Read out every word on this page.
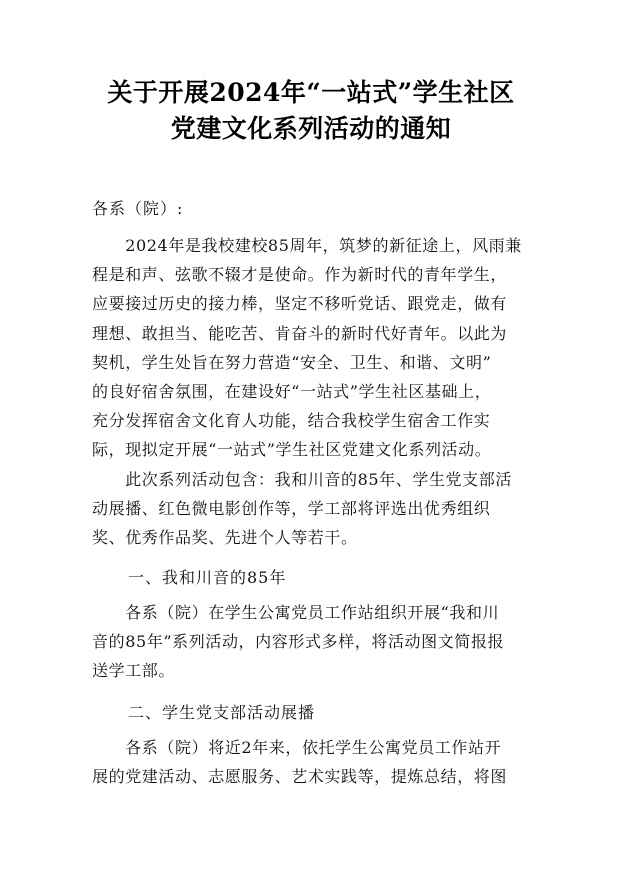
关于开展2024年“一站式”学生社区
党建文化系列活动的通知
各系（院）:
　　2024年是我校建校85周年，筑梦的新征途上，风雨兼
程是和声、弦歌不辍才是使命。作为新时代的青年学生，
应要接过历史的接力棒，坚定不移听党话、跟党走，做有
理想、敢担当、能吃苦、肯奋斗的新时代好青年。以此为
契机，学生处旨在努力营造“安全、卫生、和谐、文明”
的良好宿舍氛围，在建设好“一站式”学生社区基础上，
充分发挥宿舍文化育人功能，结合我校学生宿舍工作实
际，现拟定开展“一站式”学生社区党建文化系列活动。
　　此次系列活动包含：我和川音的85年、学生党支部活
动展播、红色微电影创作等，学工部将评选出优秀组织
奖、优秀作品奖、先进个人等若干。
一、我和川音的85年
　　各系（院）在学生公寓党员工作站组织开展“我和川
音的85年”系列活动，内容形式多样，将活动图文简报报
送学工部。
二、学生党支部活动展播
　　各系（院）将近2年来，依托学生公寓党员工作站开
展的党建活动、志愿服务、艺术实践等，提炼总结，将图
